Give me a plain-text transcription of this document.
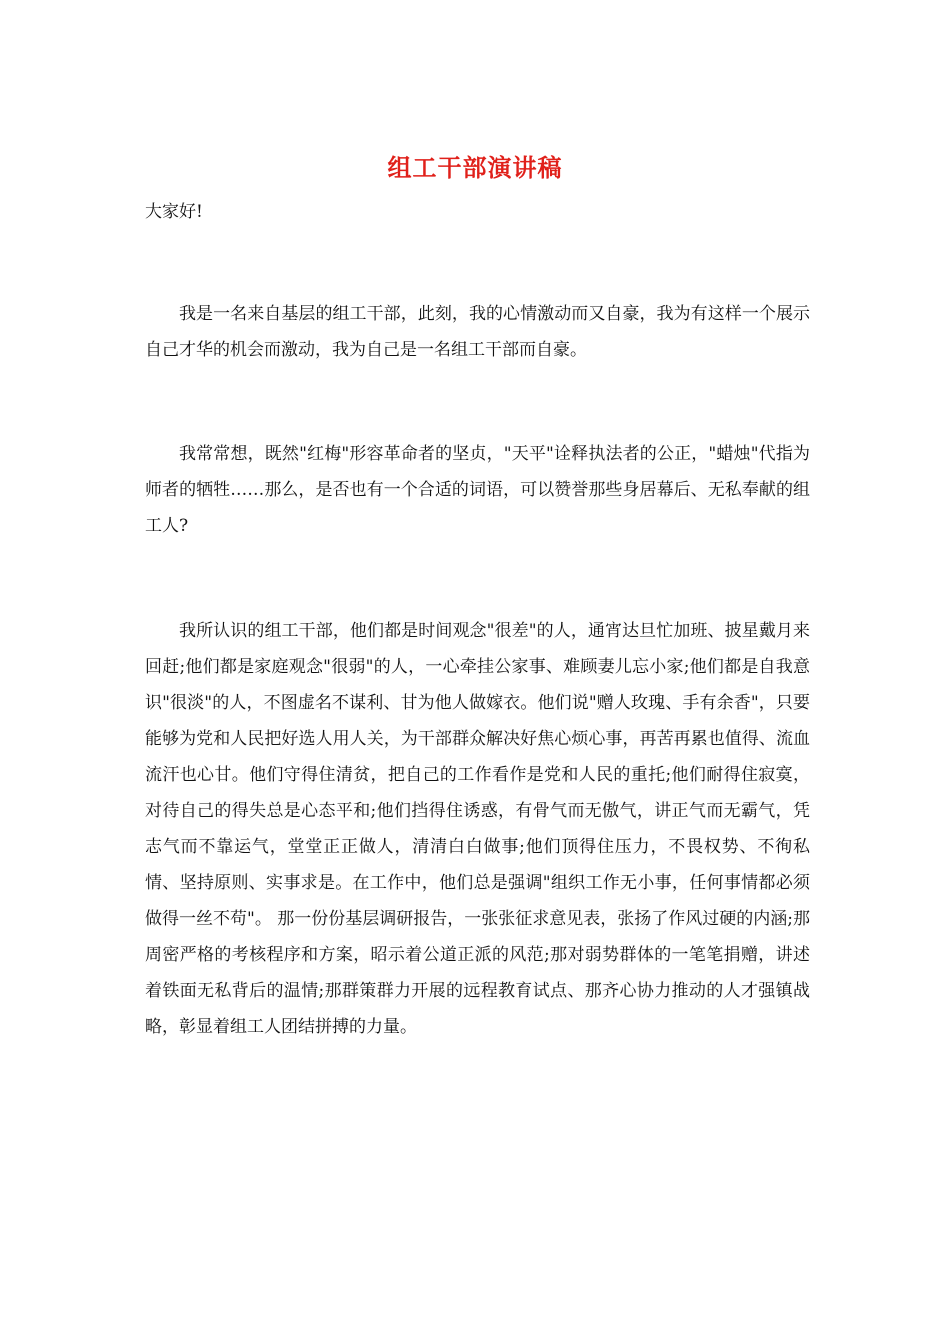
组工干部演讲稿
大家好!

我是一名来自基层的组工干部，此刻，我的心情激动而又自豪，我为有这样一个展示自己才华的机会而激动，我为自己是一名组工干部而自豪。

我常常想，既然"红梅"形容革命者的坚贞，"天平"诠释执法者的公正，"蜡烛"代指为师者的牺牲……那么，是否也有一个合适的词语，可以赞誉那些身居幕后、无私奉献的组工人?

我所认识的组工干部，他们都是时间观念"很差"的人，通宵达旦忙加班、披星戴月来回赶;他们都是家庭观念"很弱"的人，一心牵挂公家事、难顾妻儿忘小家;他们都是自我意识"很淡"的人，不图虚名不谋利、甘为他人做嫁衣。他们说"赠人玫瑰、手有余香"，只要能够为党和人民把好选人用人关，为干部群众解决好焦心烦心事，再苦再累也值得、流血流汗也心甘。他们守得住清贫，把自己的工作看作是党和人民的重托;他们耐得住寂寞，对待自己的得失总是心态平和;他们挡得住诱惑，有骨气而无傲气，讲正气而无霸气，凭志气而不靠运气，堂堂正正做人，清清白白做事;他们顶得住压力，不畏权势、不徇私情、坚持原则、实事求是。在工作中，他们总是强调"组织工作无小事，任何事情都必须做得一丝不苟"。 那一份份基层调研报告，一张张征求意见表，张扬了作风过硬的内涵;那周密严格的考核程序和方案，昭示着公道正派的风范;那对弱势群体的一笔笔捐赠，讲述着铁面无私背后的温情;那群策群力开展的远程教育试点、那齐心协力推动的人才强镇战略，彰显着组工人团结拼搏的力量。
